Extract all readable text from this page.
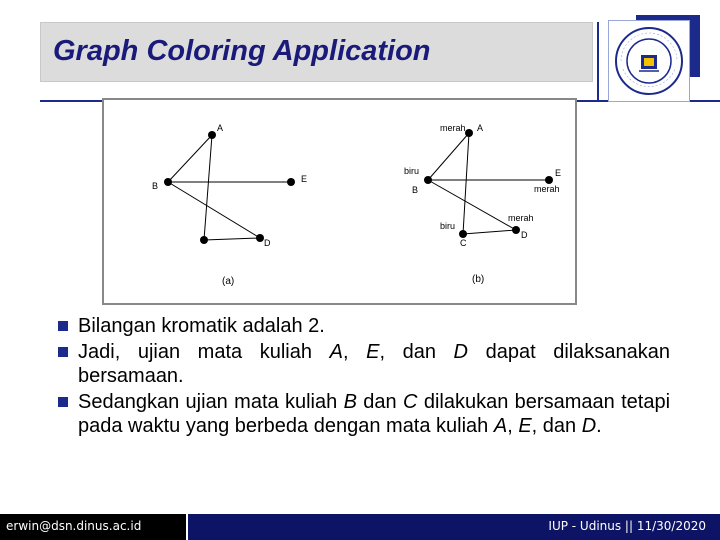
Graph Coloring Application
A
B
E
D
(a)
merah A
biru
B
E
merah
merah
D
biru
C
(b)
Bilangan kromatik adalah 2.
Jadi, ujian mata kuliah A, E, dan D dapat dilaksanakan bersamaan.
Sedangkan ujian mata kuliah B dan C dilakukan bersamaan tetapi pada waktu yang berbeda dengan mata kuliah A, E, dan D.
erwin@dsn.dinus.ac.id	IUP - Udinus || 11/30/2020
